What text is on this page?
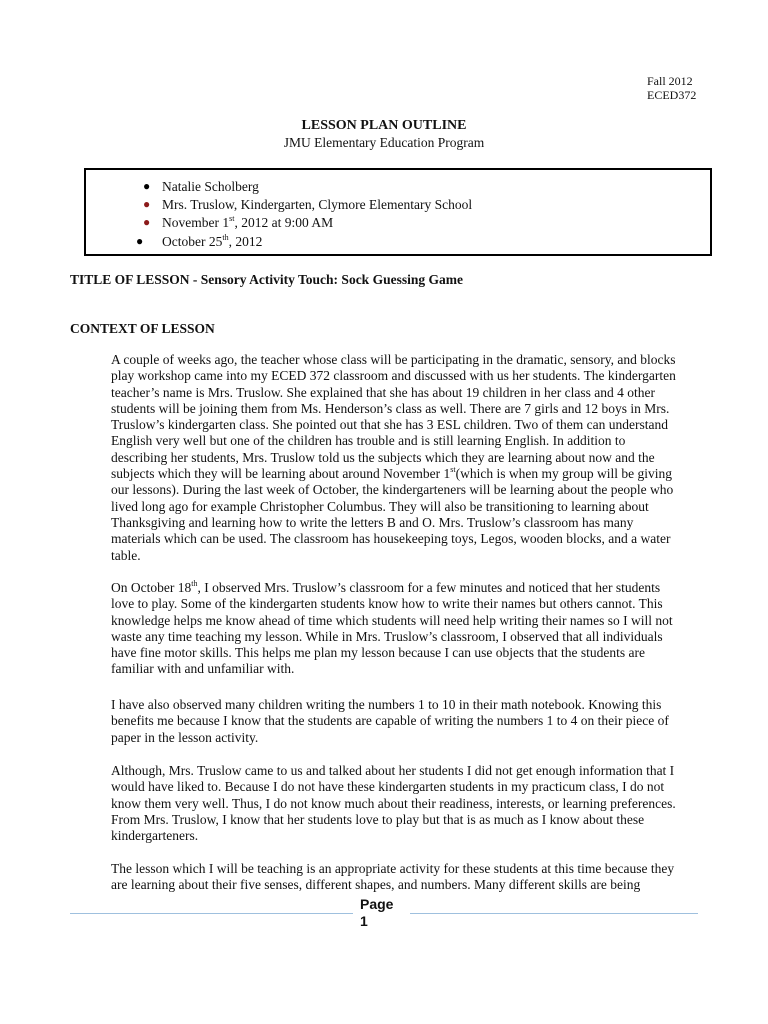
Fall 2012
ECED372
LESSON PLAN OUTLINE
JMU Elementary Education Program
● Natalie Scholberg
● Mrs. Truslow, Kindergarten, Clymore Elementary School
● November 1st, 2012 at 9:00 AM
● October 25th, 2012
TITLE OF LESSON - Sensory Activity Touch: Sock Guessing Game
CONTEXT OF LESSON
A couple of weeks ago, the teacher whose class will be participating in the dramatic, sensory, and blocks
play workshop came into my ECED 372 classroom and discussed with us her students. The kindergarten
teacher’s name is Mrs. Truslow. She explained that she has about 19 children in her class and 4 other
students will be joining them from Ms. Henderson’s class as well. There are 7 girls and 12 boys in Mrs.
Truslow’s kindergarten class. She pointed out that she has 3 ESL children. Two of them can understand
English very well but one of the children has trouble and is still learning English. In addition to
describing her students, Mrs. Truslow told us the subjects which they are learning about now and the
subjects which they will be learning about around November 1st(which is when my group will be giving
our lessons). During the last week of October, the kindergarteners will be learning about the people who
lived long ago for example Christopher Columbus. They will also be transitioning to learning about
Thanksgiving and learning how to write the letters B and O. Mrs. Truslow’s classroom has many
materials which can be used. The classroom has housekeeping toys, Legos, wooden blocks, and a water
table.
On October 18th, I observed Mrs. Truslow’s classroom for a few minutes and noticed that her students
love to play. Some of the kindergarten students know how to write their names but others cannot. This
knowledge helps me know ahead of time which students will need help writing their names so I will not
waste any time teaching my lesson. While in Mrs. Truslow’s classroom, I observed that all individuals
have fine motor skills. This helps me plan my lesson because I can use objects that the students are
familiar with and unfamiliar with.
I have also observed many children writing the numbers 1 to 10 in their math notebook. Knowing this
benefits me because I know that the students are capable of writing the numbers 1 to 4 on their piece of
paper in the lesson activity.
Although, Mrs. Truslow came to us and talked about her students I did not get enough information that I
would have liked to. Because I do not have these kindergarten students in my practicum class, I do not
know them very well. Thus, I do not know much about their readiness, interests, or learning preferences.
From Mrs. Truslow, I know that her students love to play but that is as much as I know about these
kindergarteners.
The lesson which I will be teaching is an appropriate activity for these students at this time because they
are learning about their five senses, different shapes, and numbers. Many different skills are being
Page
1
